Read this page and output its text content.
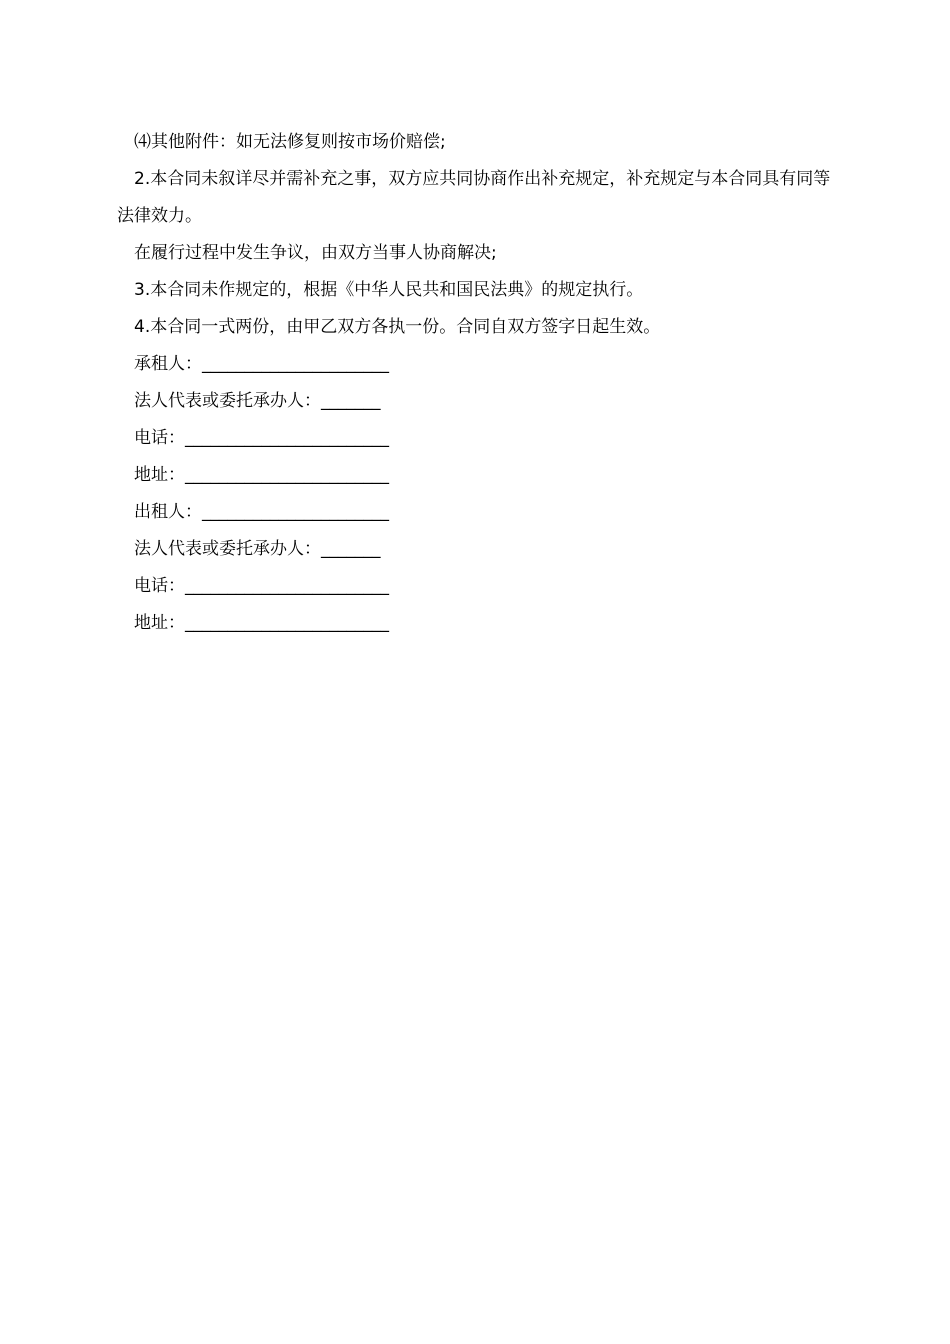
⑷其他附件：如无法修复则按市场价赔偿;

2.本合同未叙详尽并需补充之事，双方应共同协商作出补充规定，补充规定与本合同具有同等法律效力。

在履行过程中发生争议，由双方当事人协商解决;

3.本合同未作规定的，根据《中华人民共和国民法典》的规定执行。

4.本合同一式两份，由甲乙双方各执一份。合同自双方签字日起生效。

承租人：______________________

法人代表或委托承办人：_______

电话：________________________

地址：________________________

出租人：______________________

法人代表或委托承办人：_______

电话：________________________

地址：________________________
